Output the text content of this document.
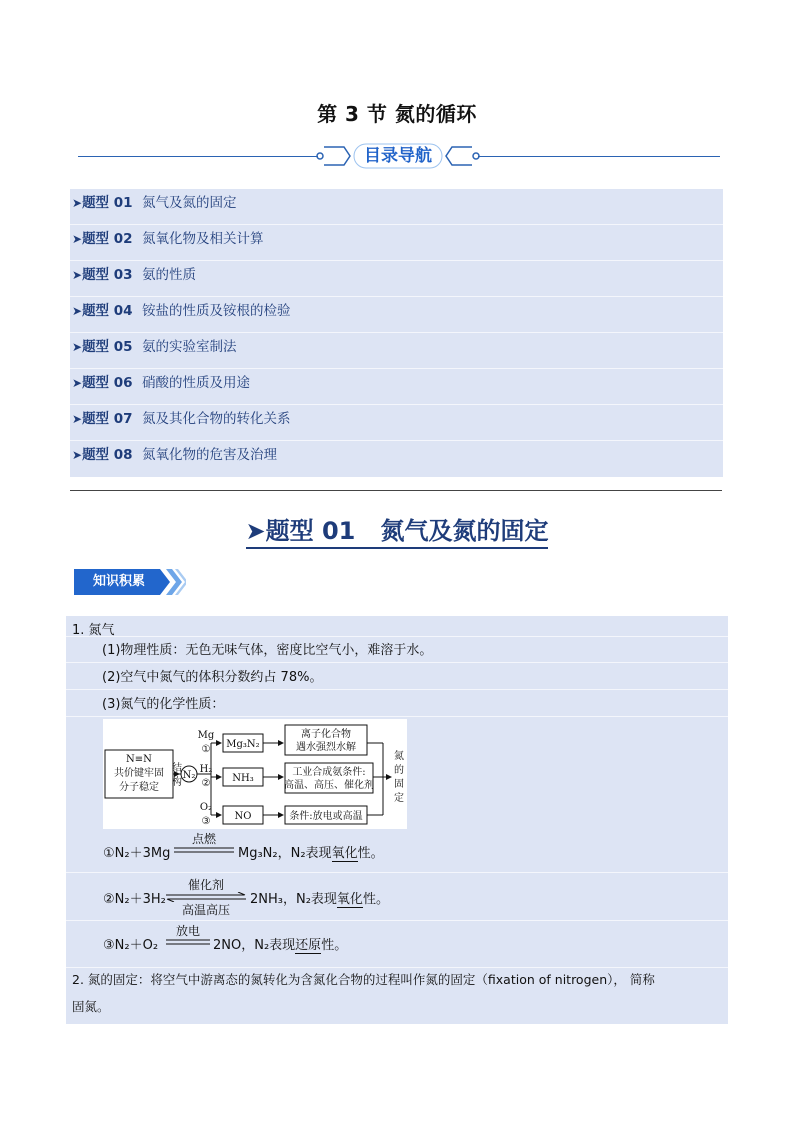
第 3 节 氮的循环
目录导航
➤题型 01 氮气及氮的固定
➤题型 02 氮氧化物及相关计算
➤题型 03 氨的性质
➤题型 04 铵盐的性质及铵根的检验
➤题型 05 氨的实验室制法
➤题型 06 硝酸的性质及用途
➤题型 07 氮及其化合物的转化关系
➤题型 08 氮氧化物的危害及治理
➤题型 01 氮气及氮的固定
知识积累
1. 氮气
(1)物理性质：无色无味气体，密度比空气小，难溶于水。
(2)空气中氮气的体积分数约占 78%。
(3)氮气的化学性质：
N≡N
共价键牢固
分子稳定
结
构
N₂
Mg
①
H₂
②
O₂
③
Mg₃N₂
NH₃
NO
离子化合物
遇水强烈水解
工业合成氨条件:
高温、高压、催化剂
条件:放电或高温
氮
的
固
定
①N₂＋3Mg
点燃
Mg₃N₂，N₂表现氧化性。
②N₂＋3H₂
催化剂
高温高压
2NH₃，N₂表现氧化性。
③N₂＋O₂
放电
2NO，N₂表现还原性。
2. 氮的固定：将空气中游离态的氮转化为含氮化合物的过程叫作氮的固定（fixation of nitrogen）， 简称
固氮。
